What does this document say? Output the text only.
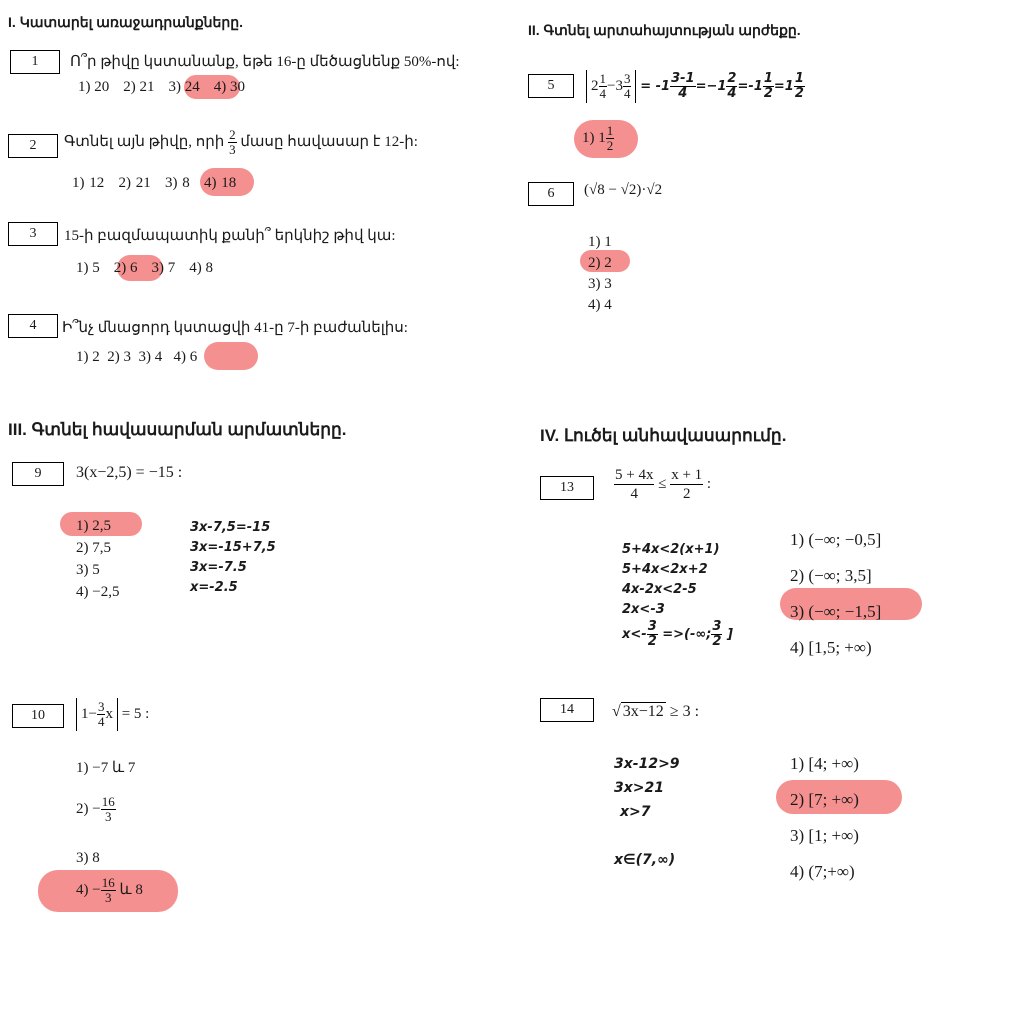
I. Կատարել առաջադրանքները.
1	Ո՞ր թիվը կստանանք, եթե 16-ը մեծացնենք 50%-ով:
1) 20 2) 21 3) 24 4) 30
2	Գտնել այն թիվը, որի $\frac{2}{3}$ մասը հավասար է 12-ի:
1) 12 2) 21 3) 8 4) 18
3	15-ի բազմապատիկ քանի՞ երկնիշ թիվ կա:
1) 5 2) 6 3) 7 4) 8
4	Ի՞նչ մնացորդ կստացվի 41-ը 7-ի բաժանելիս:
1) 2 2) 3 3) 4 4) 6
II. Գտնել արտահայտության արժեքը.
5	$2 \frac{1}{4} -3 \frac{3}{4} = -1 \frac{3-1}{4} =-1 \frac{2}{4} =-1 \frac{1}{2} =1 \frac{1}{2}$
1) $1 \frac{1}{2}$
6	(√8 − √2)·√2
1) 1
2) 2
3) 3
4) 4
III. Գտնել հավասարման արմատները.
9	3(x−2,5) = −15 :
1) 2,5
2) 7,5
3) 5
4) −2,5
3x-7,5=-15
3x=-15+7,5
3x=-7.5
x=-2.5
10	$1- \frac{3}{4}$ x = 5 :
1) −7 և 7
$2) - \frac{16}{3}$
3) 8
$4) - \frac{16}{3}$ և 8
IV. Լուծել անհավասարումը.
13	$\frac{5 + 4x}{4} \le \frac{x + 1}{2}$ :
5+4x<2(x+1)
5+4x<2x+2
4x-2x<2-5
2x<-3
$x<- \frac{3}{2}$ =>(-∞; $\frac{3}{2}$ ]
1) (−∞; −0,5]
2) (−∞; 3,5]
3) (−∞; −1,5]
4) [1,5; +∞)
14	√ 3x−12 ≥ 3 :
3x-12>9
3x>21
x>7
x∈(7,∞)
1) [4; +∞)
2) [7; +∞)
3) [1; +∞)
4) (7;+∞)
